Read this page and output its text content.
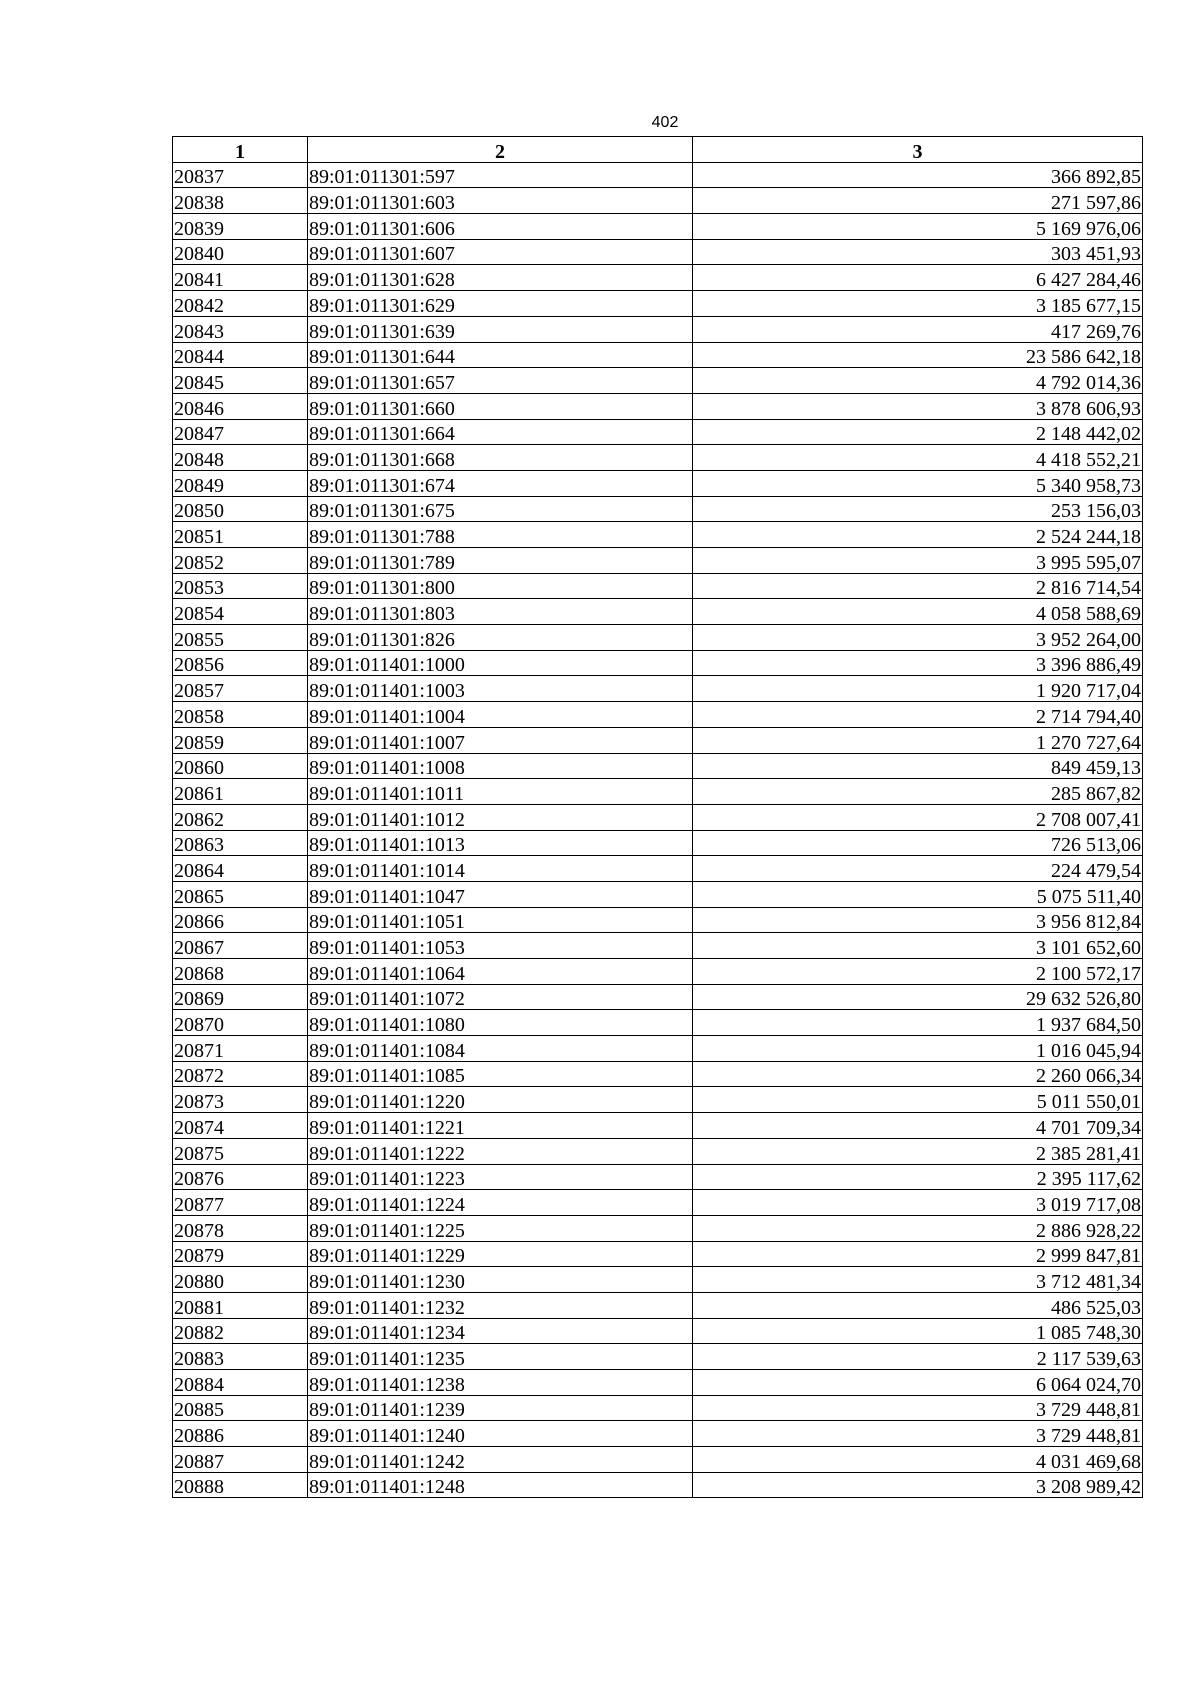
402
1	2	3
20837	89:01:011301:597	366 892,85
20838	89:01:011301:603	271 597,86
20839	89:01:011301:606	5 169 976,06
20840	89:01:011301:607	303 451,93
20841	89:01:011301:628	6 427 284,46
20842	89:01:011301:629	3 185 677,15
20843	89:01:011301:639	417 269,76
20844	89:01:011301:644	23 586 642,18
20845	89:01:011301:657	4 792 014,36
20846	89:01:011301:660	3 878 606,93
20847	89:01:011301:664	2 148 442,02
20848	89:01:011301:668	4 418 552,21
20849	89:01:011301:674	5 340 958,73
20850	89:01:011301:675	253 156,03
20851	89:01:011301:788	2 524 244,18
20852	89:01:011301:789	3 995 595,07
20853	89:01:011301:800	2 816 714,54
20854	89:01:011301:803	4 058 588,69
20855	89:01:011301:826	3 952 264,00
20856	89:01:011401:1000	3 396 886,49
20857	89:01:011401:1003	1 920 717,04
20858	89:01:011401:1004	2 714 794,40
20859	89:01:011401:1007	1 270 727,64
20860	89:01:011401:1008	849 459,13
20861	89:01:011401:1011	285 867,82
20862	89:01:011401:1012	2 708 007,41
20863	89:01:011401:1013	726 513,06
20864	89:01:011401:1014	224 479,54
20865	89:01:011401:1047	5 075 511,40
20866	89:01:011401:1051	3 956 812,84
20867	89:01:011401:1053	3 101 652,60
20868	89:01:011401:1064	2 100 572,17
20869	89:01:011401:1072	29 632 526,80
20870	89:01:011401:1080	1 937 684,50
20871	89:01:011401:1084	1 016 045,94
20872	89:01:011401:1085	2 260 066,34
20873	89:01:011401:1220	5 011 550,01
20874	89:01:011401:1221	4 701 709,34
20875	89:01:011401:1222	2 385 281,41
20876	89:01:011401:1223	2 395 117,62
20877	89:01:011401:1224	3 019 717,08
20878	89:01:011401:1225	2 886 928,22
20879	89:01:011401:1229	2 999 847,81
20880	89:01:011401:1230	3 712 481,34
20881	89:01:011401:1232	486 525,03
20882	89:01:011401:1234	1 085 748,30
20883	89:01:011401:1235	2 117 539,63
20884	89:01:011401:1238	6 064 024,70
20885	89:01:011401:1239	3 729 448,81
20886	89:01:011401:1240	3 729 448,81
20887	89:01:011401:1242	4 031 469,68
20888	89:01:011401:1248	3 208 989,42
